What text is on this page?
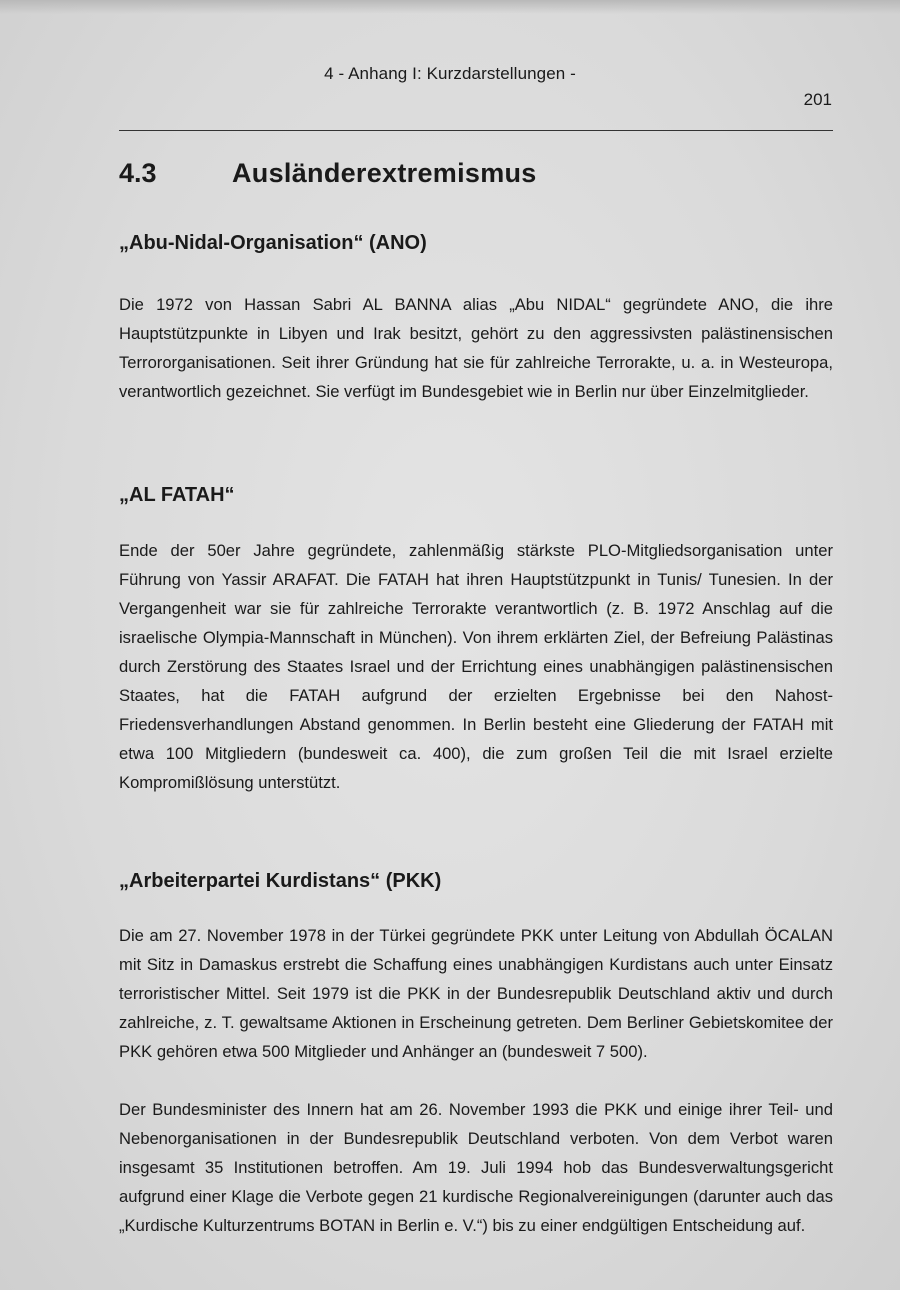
4 - Anhang I: Kurzdarstellungen -
201
4.3	Ausländerextremismus
„Abu-Nidal-Organisation“ (ANO)
Die 1972 von Hassan Sabri AL BANNA alias „Abu NIDAL“ gegründete ANO, die ihre Hauptstützpunkte in Libyen und Irak besitzt, gehört zu den aggressivsten palästinensischen Terrororganisationen. Seit ihrer Gründung hat sie für zahlreiche Terrorakte, u. a. in Westeuropa, verantwortlich gezeichnet. Sie verfügt im Bundesgebiet wie in Berlin nur über Einzelmitglieder.
„AL FATAH“
Ende der 50er Jahre gegründete, zahlenmäßig stärkste PLO-Mitgliedsorganisation unter Führung von Yassir ARAFAT. Die FATAH hat ihren Hauptstützpunkt in Tunis/ Tunesien. In der Vergangenheit war sie für zahlreiche Terrorakte verantwortlich (z. B. 1972 Anschlag auf die israelische Olympia-Mannschaft in München). Von ihrem erklärten Ziel, der Befreiung Palästinas durch Zerstörung des Staates Israel und der Errichtung eines unabhängigen palästinensischen Staates, hat die FATAH aufgrund der erzielten Ergebnisse bei den Nahost-Friedensverhandlungen Abstand genommen. In Berlin besteht eine Gliederung der FATAH mit etwa 100 Mitgliedern (bundesweit ca. 400), die zum großen Teil die mit Israel erzielte Kompromißlösung unterstützt.
„Arbeiterpartei Kurdistans“ (PKK)
Die am 27. November 1978 in der Türkei gegründete PKK unter Leitung von Abdullah ÖCALAN mit Sitz in Damaskus erstrebt die Schaffung eines unabhängigen Kurdistans auch unter Einsatz terroristischer Mittel. Seit 1979 ist die PKK in der Bundesrepublik Deutschland aktiv und durch zahlreiche, z. T. gewaltsame Aktionen in Erscheinung getreten. Dem Berliner Gebietskomitee der PKK gehören etwa 500 Mitglieder und Anhänger an (bundesweit 7 500).
Der Bundesminister des Innern hat am 26. November 1993 die PKK und einige ihrer Teil- und Nebenorganisationen in der Bundesrepublik Deutschland verboten. Von dem Verbot waren insgesamt 35 Institutionen betroffen. Am 19. Juli 1994 hob das Bundesverwaltungsgericht aufgrund einer Klage die Verbote gegen 21 kurdische Regionalvereinigungen (darunter auch das „Kurdische Kulturzentrums BOTAN in Berlin e. V.“) bis zu einer endgültigen Entscheidung auf.
